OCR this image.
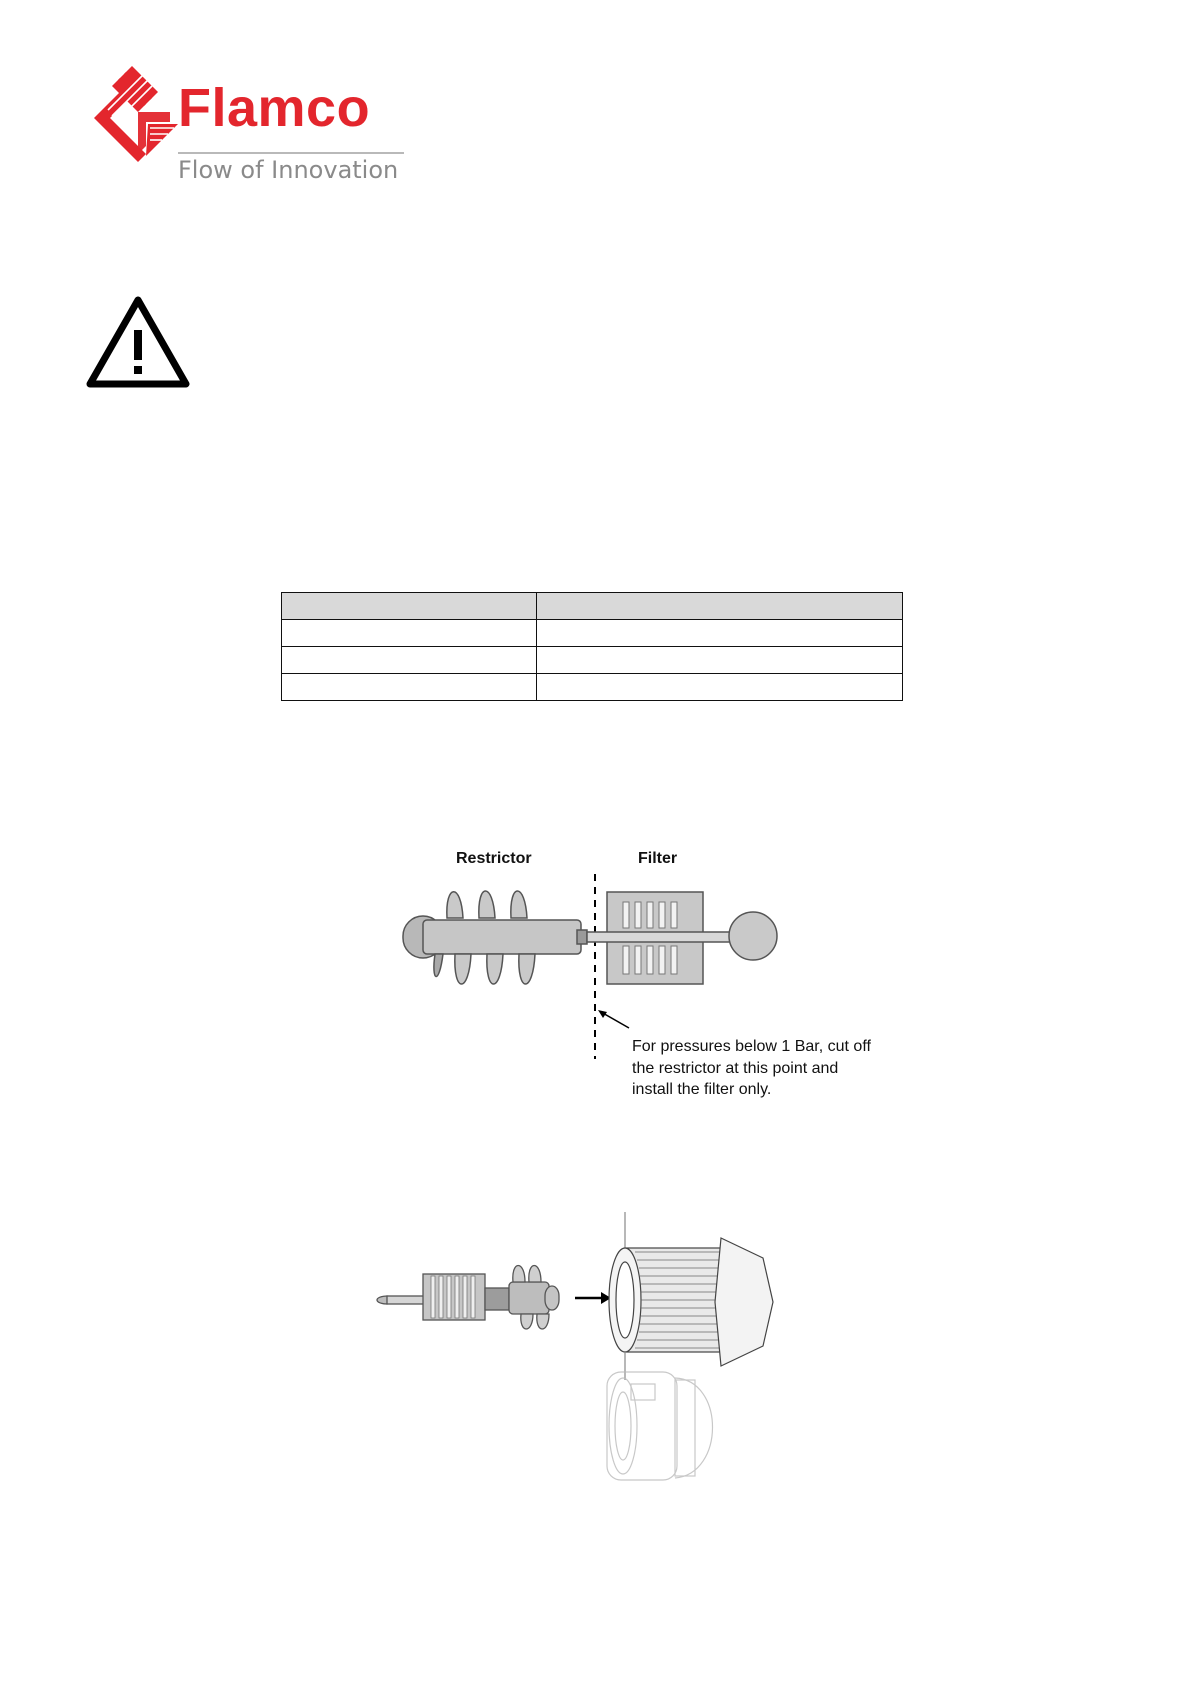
Flamco
Flow of Innovation

Restrictor	Filter
For pressures below 1 Bar, cut off
the restrictor at this point and
install the filter only.
